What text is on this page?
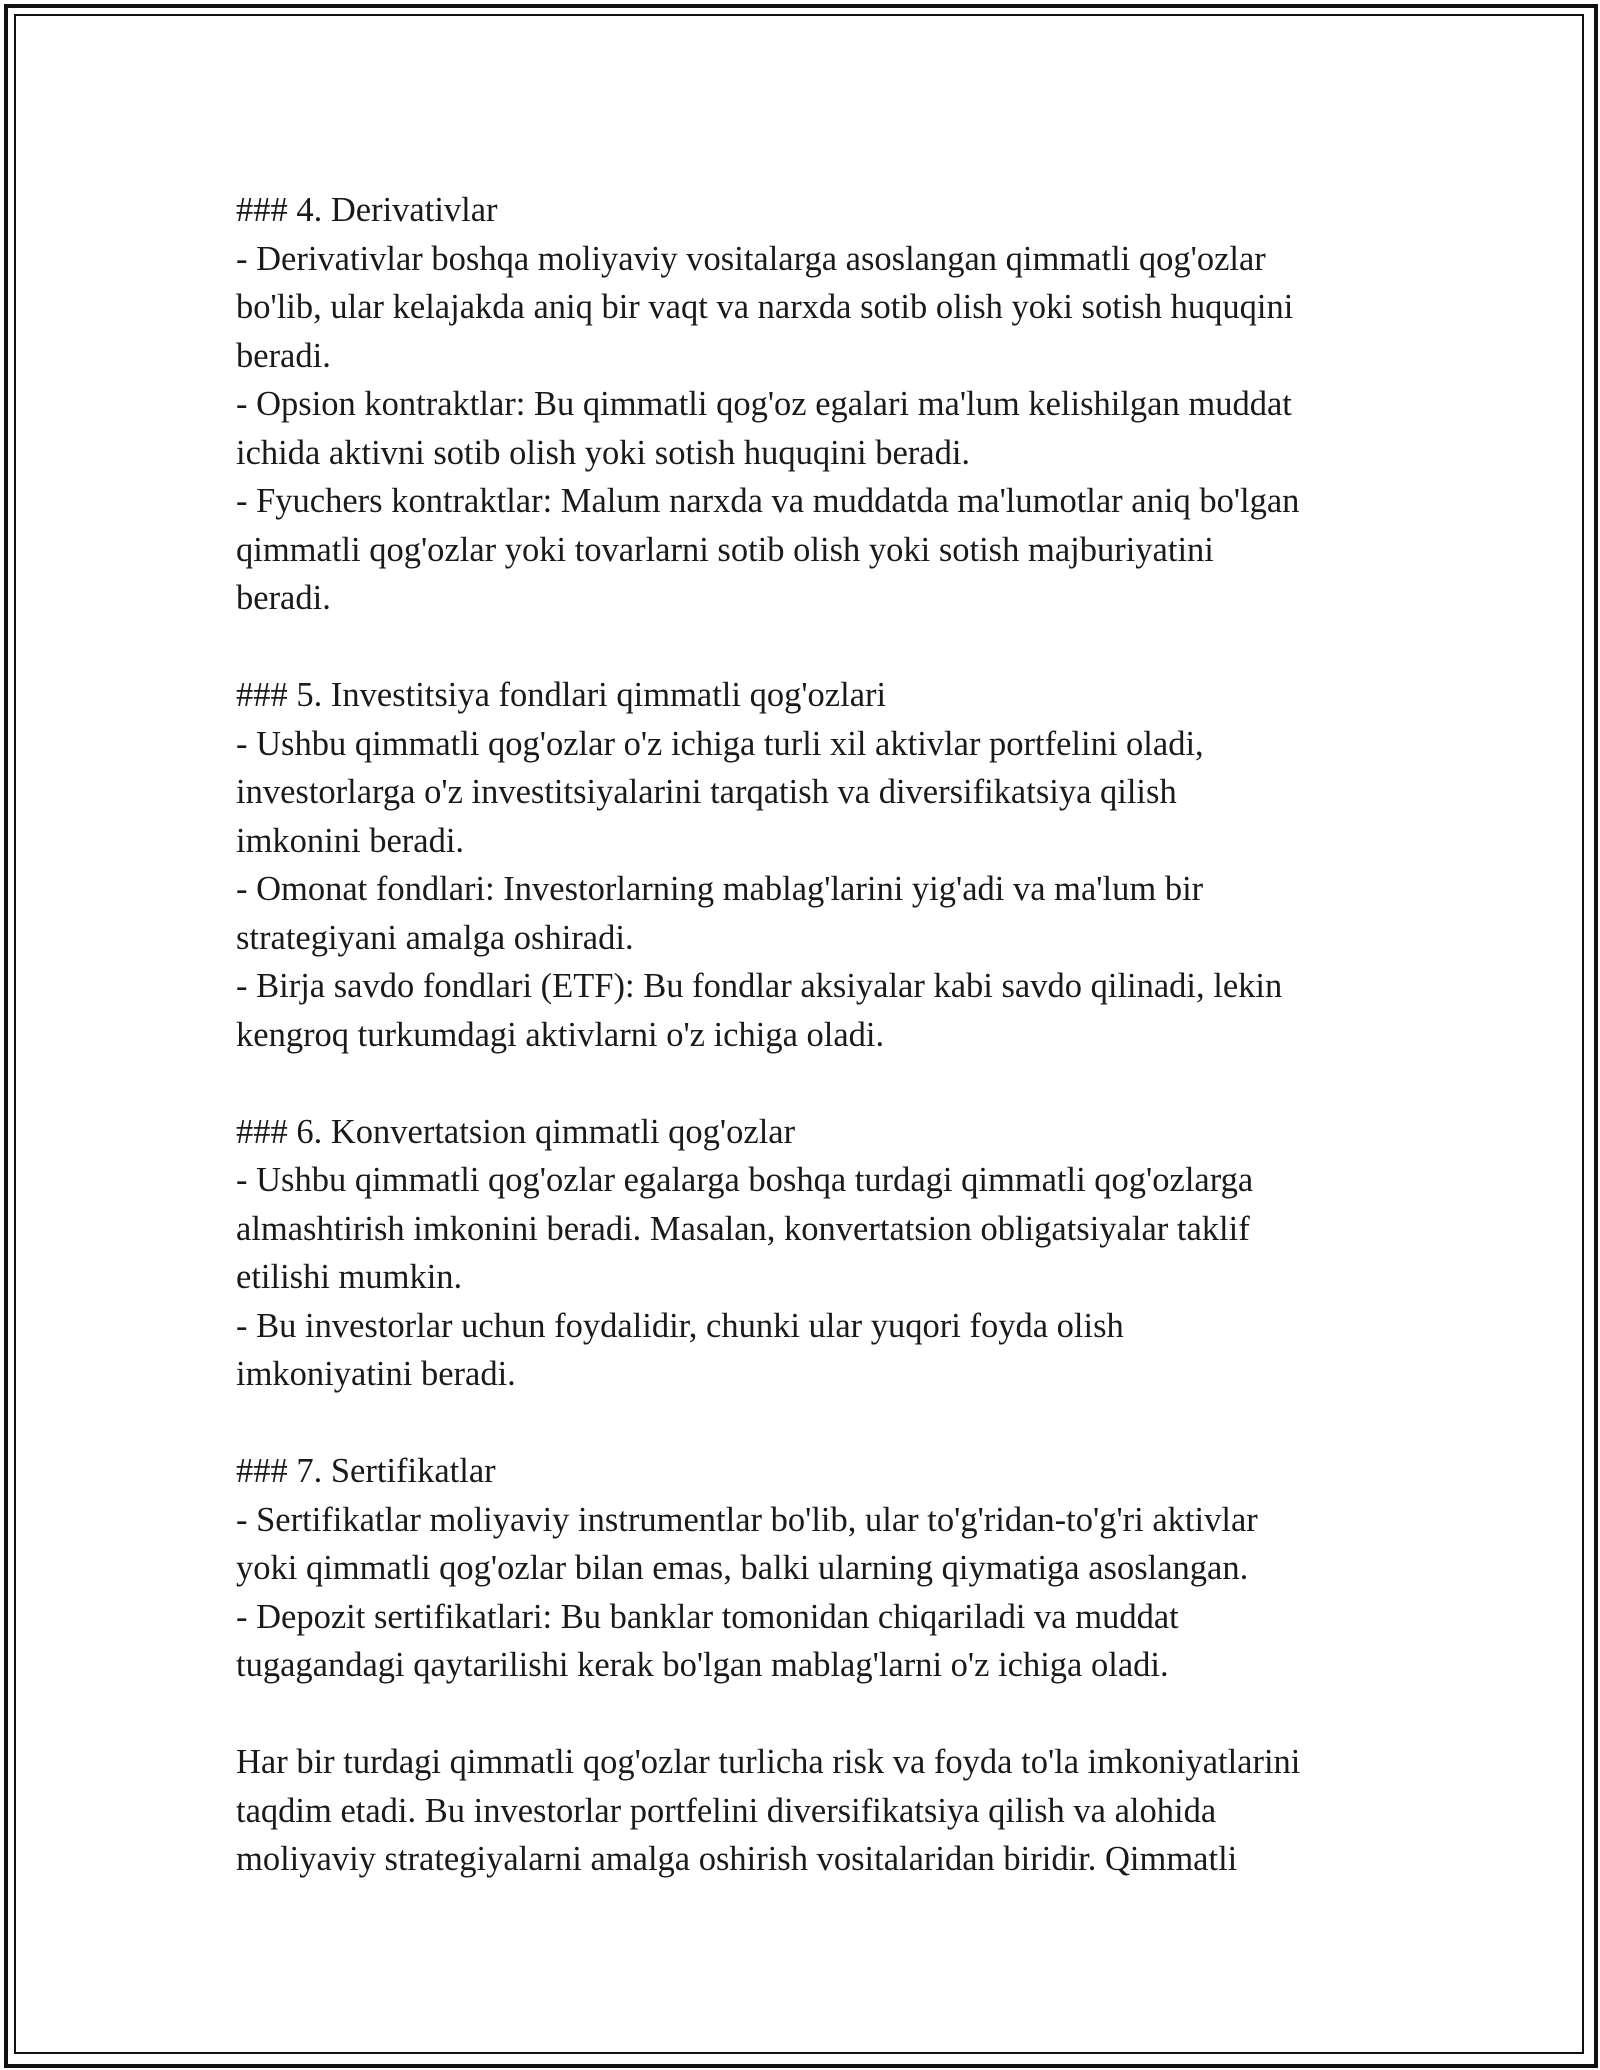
### 4. Derivativlar
- Derivativlar boshqa moliyaviy vositalarga asoslangan qimmatli qog'ozlar
bo'lib, ular kelajakda aniq bir vaqt va narxda sotib olish yoki sotish huquqini
beradi.
- Opsion kontraktlar: Bu qimmatli qog'oz egalari ma'lum kelishilgan muddat
ichida aktivni sotib olish yoki sotish huquqini beradi.
- Fyuchers kontraktlar: Malum narxda va muddatda ma'lumotlar aniq bo'lgan
qimmatli qog'ozlar yoki tovarlarni sotib olish yoki sotish majburiyatini
beradi.
### 5. Investitsiya fondlari qimmatli qog'ozlari
- Ushbu qimmatli qog'ozlar o'z ichiga turli xil aktivlar portfelini oladi,
investorlarga o'z investitsiyalarini tarqatish va diversifikatsiya qilish
imkonini beradi.
- Omonat fondlari: Investorlarning mablag'larini yig'adi va ma'lum bir
strategiyani amalga oshiradi.
- Birja savdo fondlari (ETF): Bu fondlar aksiyalar kabi savdo qilinadi, lekin
kengroq turkumdagi aktivlarni o'z ichiga oladi.
### 6. Konvertatsion qimmatli qog'ozlar
- Ushbu qimmatli qog'ozlar egalarga boshqa turdagi qimmatli qog'ozlarga
almashtirish imkonini beradi. Masalan, konvertatsion obligatsiyalar taklif
etilishi mumkin.
- Bu investorlar uchun foydalidir, chunki ular yuqori foyda olish
imkoniyatini beradi.
### 7. Sertifikatlar
- Sertifikatlar moliyaviy instrumentlar bo'lib, ular to'g'ridan-to'g'ri aktivlar
yoki qimmatli qog'ozlar bilan emas, balki ularning qiymatiga asoslangan.
- Depozit sertifikatlari: Bu banklar tomonidan chiqariladi va muddat
tugagandagi qaytarilishi kerak bo'lgan mablag'larni o'z ichiga oladi.
Har bir turdagi qimmatli qog'ozlar turlicha risk va foyda to'la imkoniyatlarini
taqdim etadi. Bu investorlar portfelini diversifikatsiya qilish va alohida
moliyaviy strategiyalarni amalga oshirish vositalaridan biridir. Qimmatli
